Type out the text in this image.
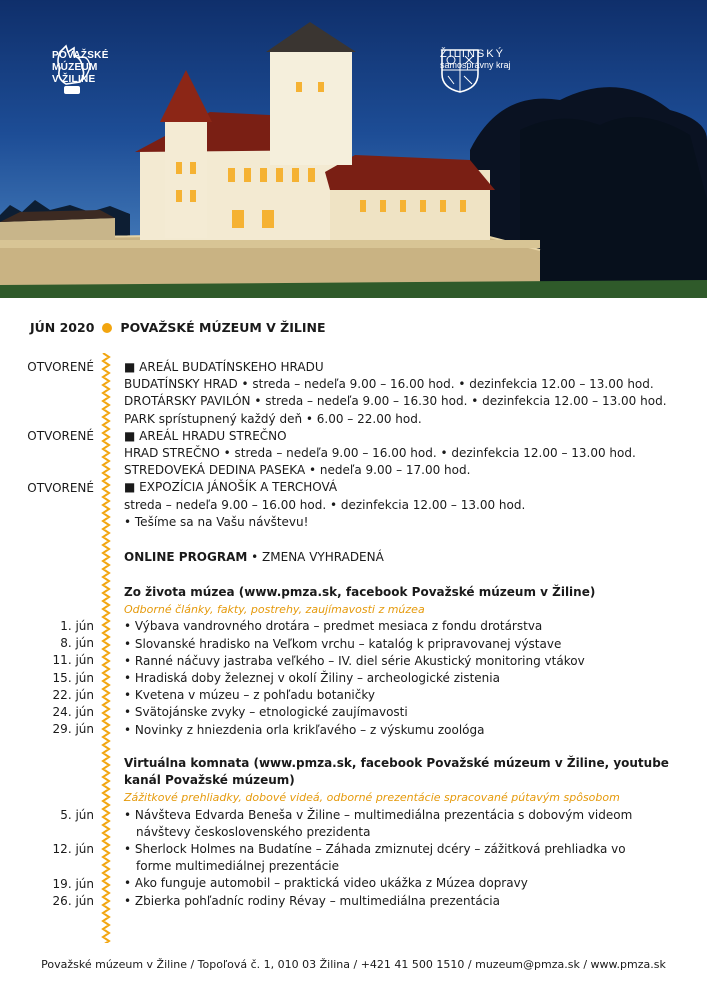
POVAŽSKÉ
MÚZEUM
V ŽILINE
ŽILINSKÝ
samosprávny kraj
JÚN 2020 POVAŽSKÉ MÚZEUM V ŽILINE
OTVORENÉ
OTVORENÉ
OTVORENÉ
1. jún
8. jún
11. jún
15. jún
22. jún
24. jún
29. jún
5. jún

12. jún

19. jún
26. jún
■ AREÁL BUDATÍNSKEHO HRADU
BUDATÍNSKY HRAD • streda – nedeľa 9.00 – 16.00 hod. • dezinfekcia 12.00 – 13.00 hod.
DROTÁRSKY PAVILÓN • streda – nedeľa 9.00 – 16.30 hod. • dezinfekcia 12.00 – 13.00 hod.
PARK sprístupnený každý deň • 6.00 – 22.00 hod.
■ AREÁL HRADU STREČNO
HRAD STREČNO • streda – nedeľa 9.00 – 16.00 hod. • dezinfekcia 12.00 – 13.00 hod.
STREDOVEKÁ DEDINA PASEKA • nedeľa 9.00 – 17.00 hod.
■ EXPOZÍCIA JÁNOŠÍK A TERCHOVÁ
streda – nedeľa 9.00 – 16.00 hod. • dezinfekcia 12.00 – 13.00 hod.
• Tešíme sa na Vašu návštevu!
ONLINE PROGRAM • ZMENA VYHRADENÁ
Zo života múzea (www.pmza.sk, facebook Považské múzeum v Žiline)
Odborné články, fakty, postrehy, zaujímavosti z múzea
• Výbava vandrovného drotára – predmet mesiaca z fondu drotárstva
• Slovanské hradisko na Veľkom vrchu – katalóg k pripravovanej výstave
• Ranné náčuvy jastraba veľkého – IV. diel série Akustický monitoring vtákov
• Hradiská doby železnej v okolí Žiliny – archeologické zistenia
• Kvetena v múzeu – z pohľadu botaničky
• Svätojánske zvyky – etnologické zaujímavosti
• Novinky z hniezdenia orla krikľavého – z výskumu zoológa
Virtuálna komnata (www.pmza.sk, facebook Považské múzeum v Žiline, youtube
kanál Považské múzeum)
Zážitkové prehliadky, dobové videá, odborné prezentácie spracované pútavým spôsobom
• Návšteva Edvarda Beneša v Žiline – multimediálna prezentácia s dobovým videom
návštevy československého prezidenta
• Sherlock Holmes na Budatíne – Záhada zmiznutej dcéry – zážitková prehliadka vo
forme multimediálnej prezentácie
• Ako funguje automobil – praktická video ukážka z Múzea dopravy
• Zbierka pohľadníc rodiny Révay – multimediálna prezentácia
Považské múzeum v Žiline / Topoľová č. 1, 010 03 Žilina / +421 41 500 1510 / muzeum@pmza.sk / www.pmza.sk
